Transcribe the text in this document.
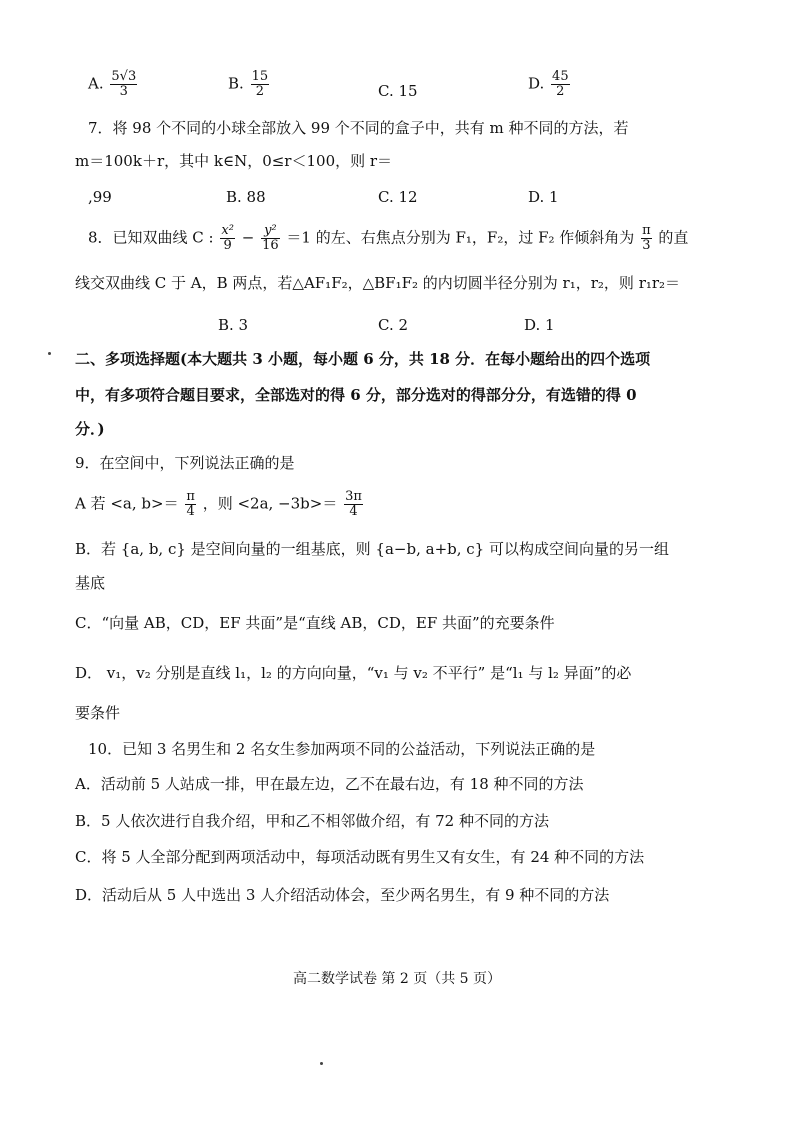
A. $\frac{5√3}{3}$	B. $\frac{15}{2}$	C. 15	D. $\frac{45}{2}$
7．将 98 个不同的小球全部放入 99 个不同的盒子中，共有 m 种不同的方法，若
m＝100k＋r，其中 k∈N，0≤r＜100，则 r＝
,99	B. 88	C. 12	D. 1
8．已知双曲线 C : $\frac{\text{x²}}{9} - \frac{\text{y²}}{16} =1$ 的左、右焦点分别为 F₁，F₂，过 F₂ 作倾斜角为 $\frac{\pi}{3}$ 的直
线交双曲线 C 于 A，B 两点，若△AF₁F₂，△BF₁F₂ 的内切圆半径分别为 r₁，r₂，则 r₁r₂＝
B. 3	C. 2	D. 1
二、多项选择题(本大题共 3 小题，每小题 6 分，共 18 分．在每小题给出的四个选项
中，有多项符合题目要求，全部选对的得 6 分，部分选对的得部分分，有选错的得 0
分．)
9．在空间中，下列说法正确的是
A 若 <a, $b>= \frac{\pi}{4}$ ，则 <2a, $-3b>= \frac{3\pi}{4}$
B．若 {a, b, c} 是空间向量的一组基底，则 {a−b, a+b, c} 可以构成空间向量的另一组
基底
C．“向量 AB，CD，EF 共面”是“直线 AB，CD，EF 共面”的充要条件
D． v₁，v₂ 分别是直线 l₁，l₂ 的方向向量，“v₁ 与 v₂ 不平行” 是“l₁ 与 l₂ 异面”的必
要条件
10．已知 3 名男生和 2 名女生参加两项不同的公益活动，下列说法正确的是
A．活动前 5 人站成一排，甲在最左边，乙不在最右边，有 18 种不同的方法
B．5 人依次进行自我介绍，甲和乙不相邻做介绍，有 72 种不同的方法
C．将 5 人全部分配到两项活动中，每项活动既有男生又有女生，有 24 种不同的方法
D．活动后从 5 人中选出 3 人介绍活动体会，至少两名男生，有 9 种不同的方法
高二数学试卷 第 2 页（共 5 页）
